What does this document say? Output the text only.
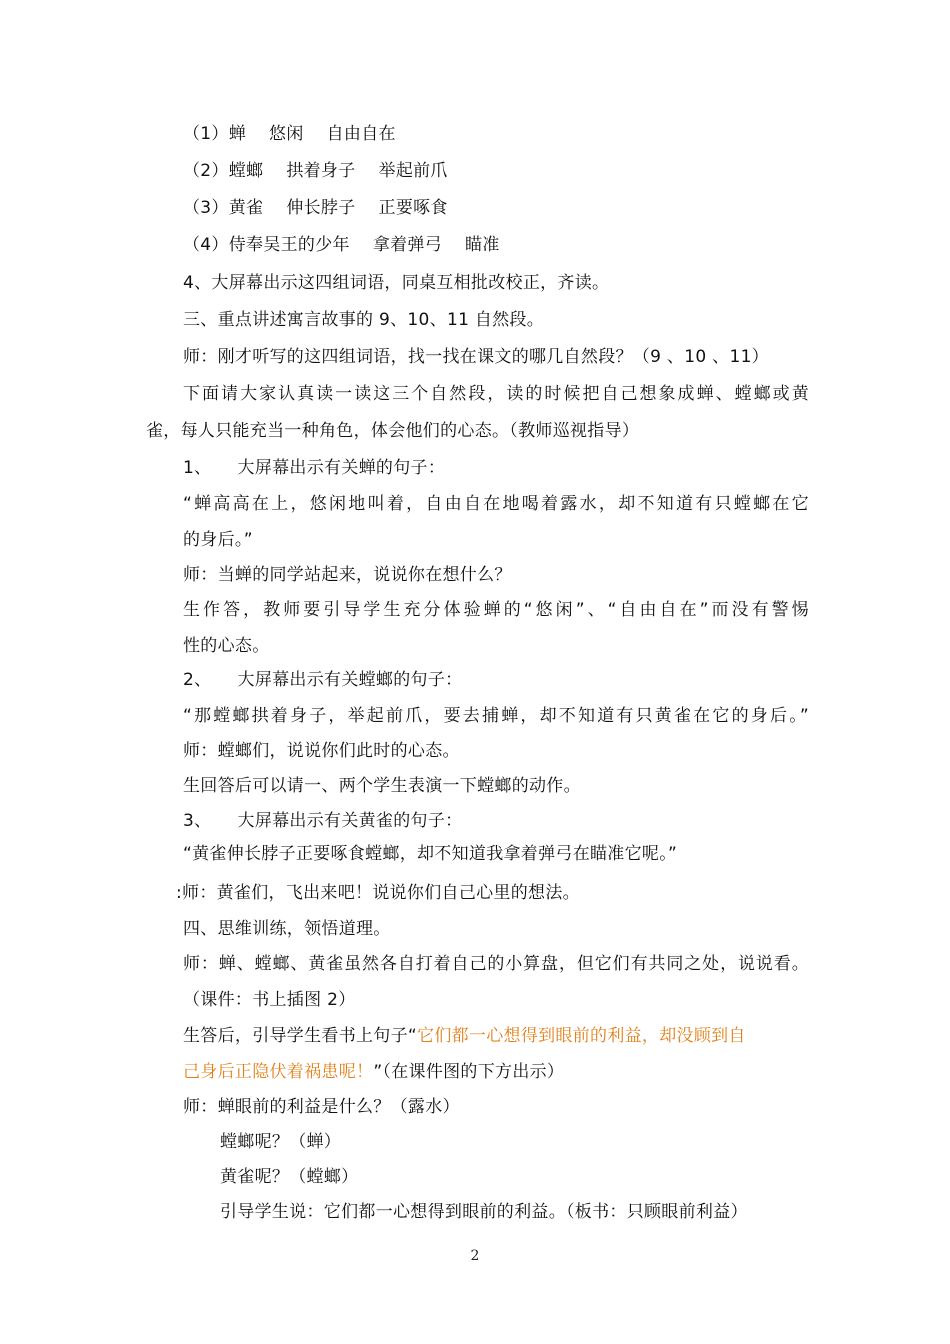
（1）蝉　 悠闲　 自由自在
（2）螳螂　 拱着身子　 举起前爪
（3）黄雀　 伸长脖子　 正要啄食
（4）侍奉吴王的少年　 拿着弹弓　 瞄准
4、大屏幕出示这四组词语，同桌互相批改校正，齐读。
三、重点讲述寓言故事的 9、10、11 自然段。
师：刚才听写的这四组词语，找一找在课文的哪几自然段？（9 、10 、11）
下面请大家认真读一读这三个自然段，读的时候把自己想象成蝉、螳螂或黄
雀，每人只能充当一种角色，体会他们的心态。（教师巡视指导）
1、　　大屏幕出示有关蝉的句子：
“蝉高高在上，悠闲地叫着，自由自在地喝着露水，却不知道有只螳螂在它
的身后。”
师：当蝉的同学站起来，说说你在想什么？
生作答，教师要引导学生充分体验蝉的“悠闲”、“自由自在”而没有警惕
性的心态。
2、　　大屏幕出示有关螳螂的句子：
“那螳螂拱着身子，举起前爪，要去捕蝉，却不知道有只黄雀在它的身后。”
师：螳螂们，说说你们此时的心态。
生回答后可以请一、两个学生表演一下螳螂的动作。
3、　　大屏幕出示有关黄雀的句子：
“黄雀伸长脖子正要啄食螳螂，却不知道我拿着弹弓在瞄准它呢。”
:师：黄雀们，飞出来吧！说说你们自己心里的想法。
四、思维训练，领悟道理。
师：蝉、螳螂、黄雀虽然各自打着自己的小算盘，但它们有共同之处，说说看。
（课件：书上插图 2）
生答后，引导学生看书上句子“它们都一心想得到眼前的利益，却没顾到自
己身后正隐伏着祸患呢！”（在课件图的下方出示）
师：蝉眼前的利益是什么？（露水）
螳螂呢？（蝉）
黄雀呢？（螳螂）
引导学生说：它们都一心想得到眼前的利益。（板书：只顾眼前利益）
2
